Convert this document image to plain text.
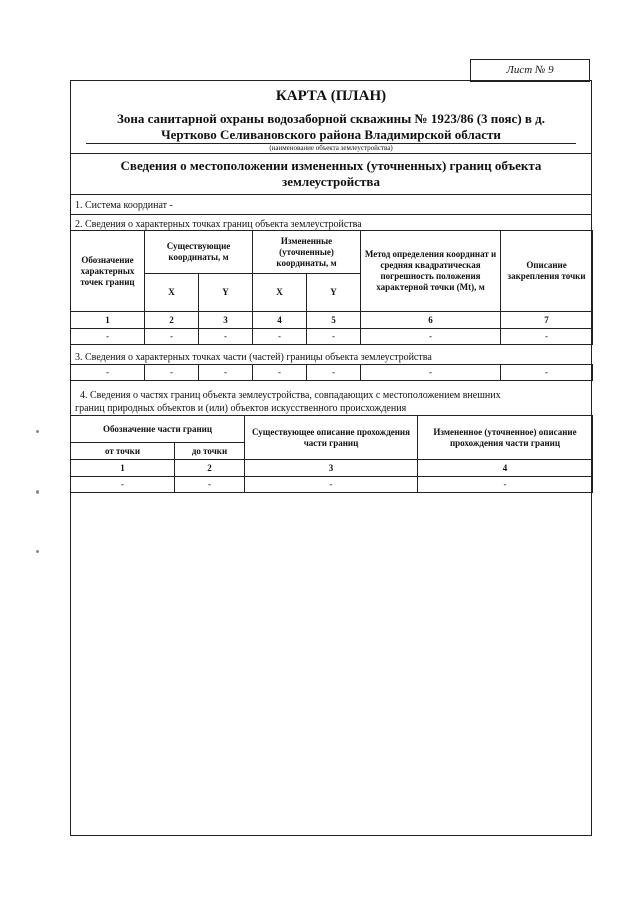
Лист № 9
КАРТА (ПЛАН)
Зона санитарной охраны водозаборной скважины № 1923/86 (3 пояс) в д.
Чертково Селивановского района Владимирской области
(наименование объекта землеустройства)
Сведения о местоположении измененных (уточненных) границ объекта
землеустройства
1. Система координат -
2. Сведения о характерных точках границ объекта землеустройства
Обозначение характерных точек границ	Существующие координаты, м		Измененные (уточненные) координаты, м		Метод определения координат и средняя квадратическая погрешность положения характерной точки (Mt), м	Описание закрепления точки
	X	Y	X	Y		
1	2	3	4	5	6	7
-	-	-	-	-	-	-
3. Сведения о характерных точках части (частей) границы объекта землеустройства
-	-	-	-	-	-	-
4. Сведения о частях границ объекта землеустройства, совпадающих с местоположением внешних
границ природных объектов и (или) объектов искусственного происхождения
Обозначение части границ		Существующее описание прохождения части границ	Измененное (уточненное) описание прохождения части границ
от точки	до точки		
1	2	3	4
-	-	-	-
